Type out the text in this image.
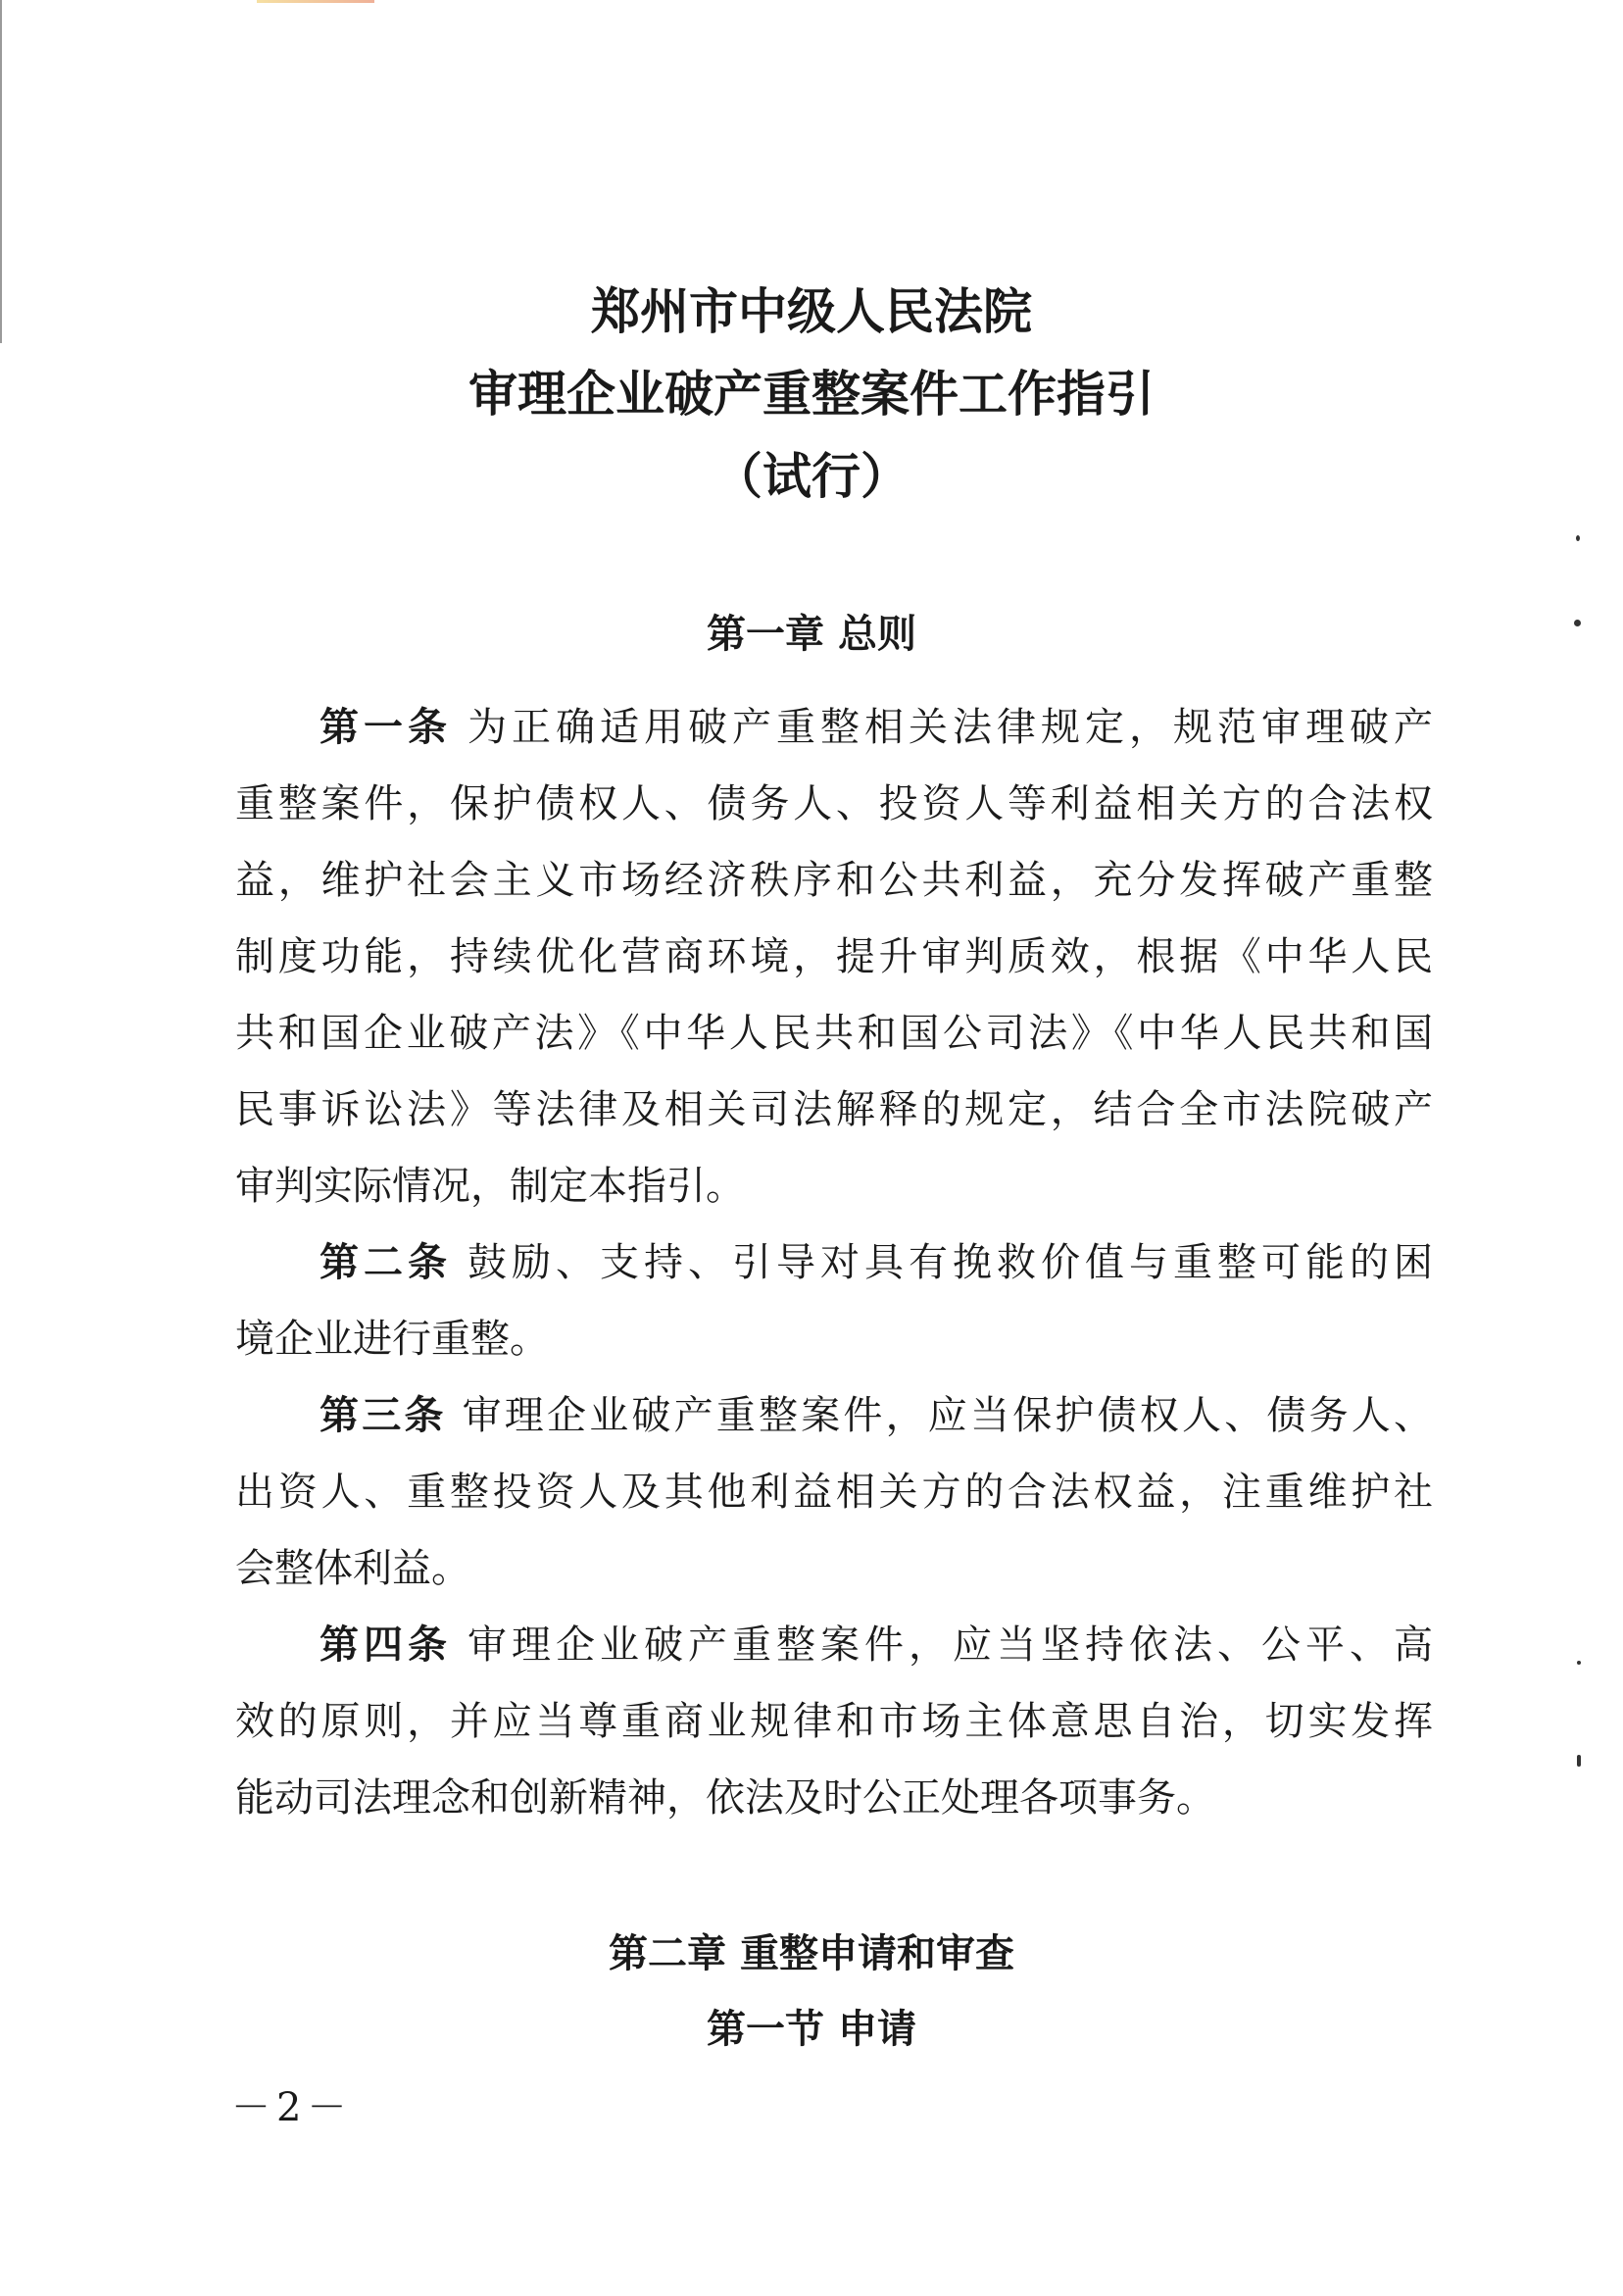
郑州市中级人民法院
审理企业破产重整案件工作指引
（试行）
第一章 总则
第一条 为正确适用破产重整相关法律规定，规范审理破产
重整案件，保护债权人、债务人、投资人等利益相关方的合法权
益，维护社会主义市场经济秩序和公共利益，充分发挥破产重整
制度功能，持续优化营商环境，提升审判质效，根据《中华人民
共和国企业破产法》《中华人民共和国公司法》《中华人民共和国
民事诉讼法》等法律及相关司法解释的规定，结合全市法院破产
审判实际情况，制定本指引。
第二条 鼓励、支持、引导对具有挽救价值与重整可能的困
境企业进行重整。
第三条 审理企业破产重整案件，应当保护债权人、债务人、
出资人、重整投资人及其他利益相关方的合法权益，注重维护社
会整体利益。
第四条 审理企业破产重整案件，应当坚持依法、公平、高
效的原则，并应当尊重商业规律和市场主体意思自治，切实发挥
能动司法理念和创新精神，依法及时公正处理各项事务。
第二章 重整申请和审查
第一节 申请
－2－
